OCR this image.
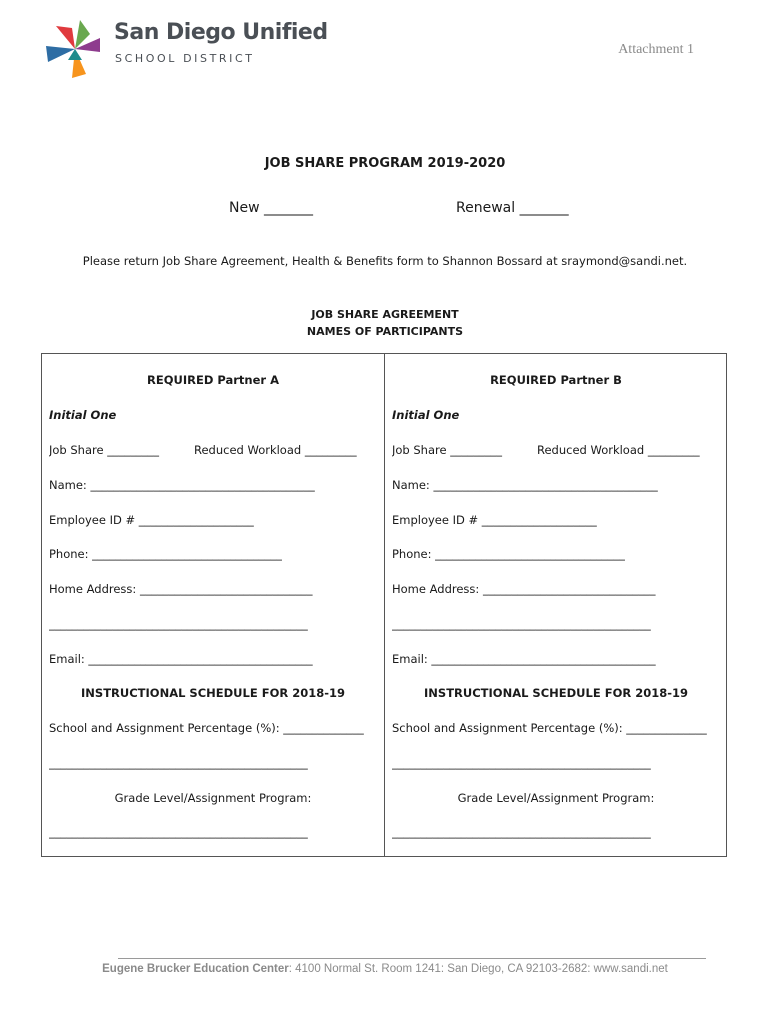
San Diego Unified
SCHOOL DISTRICT
Attachment 1
JOB SHARE PROGRAM 2019-2020
New _______	Renewal _______
Please return Job Share Agreement, Health & Benefits form to Shannon Bossard at sraymond@sandi.net.
JOB SHARE AGREEMENT
NAMES OF PARTICIPANTS
REQUIRED Partner A
Initial One
Job Share _________	Reduced Workload _________
Name: _______________________________________
Employee ID # ____________________
Phone: _________________________________
Home Address: ______________________________
_____________________________________________
Email: _______________________________________
INSTRUCTIONAL SCHEDULE FOR 2018-19
School and Assignment Percentage (%): ______________
_____________________________________________
Grade Level/Assignment Program:
_____________________________________________
REQUIRED Partner B
Initial One
Job Share _________	Reduced Workload _________
Name: _______________________________________
Employee ID # ____________________
Phone: _________________________________
Home Address: ______________________________
_____________________________________________
Email: _______________________________________
INSTRUCTIONAL SCHEDULE FOR 2018-19
School and Assignment Percentage (%): ______________
_____________________________________________
Grade Level/Assignment Program:
_____________________________________________
Eugene Brucker Education Center: 4100 Normal St. Room 1241: San Diego, CA 92103-2682: www.sandi.net
